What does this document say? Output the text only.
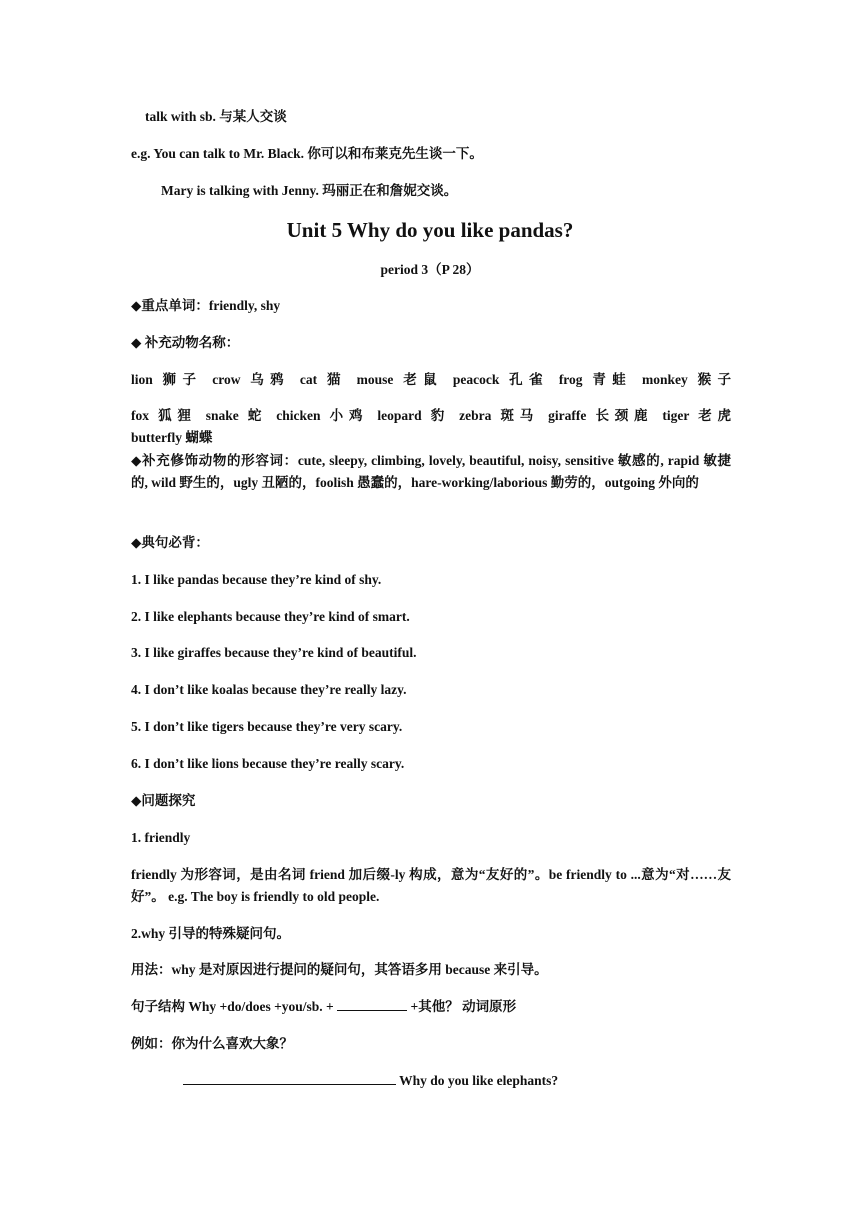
talk with sb. 与某人交谈
e.g. You can talk to Mr. Black. 你可以和布莱克先生谈一下。
Mary is talking with Jenny. 玛丽正在和詹妮交谈。
Unit 5 Why do you like pandas?
period 3（P 28）
◆重点单词：friendly, shy
◆ 补充动物名称：
lion 狮子 crow 乌鸦 cat 猫 mouse 老鼠 peacock 孔雀 frog 青蛙 monkey 猴子
fox 狐狸 snake 蛇 chicken 小鸡 leopard 豹 zebra 斑马 giraffe 长颈鹿 tiger 老虎
butterfly 蝴蝶
◆补充修饰动物的形容词：cute, sleepy, climbing, lovely, beautiful, noisy, sensitive 敏感的, rapid 敏捷的, wild 野生的，ugly 丑陋的，foolish 愚蠢的，hare-working/laborious 勤劳的，outgoing 外向的
◆典句必背：
1. I like pandas because they’re kind of shy.
2. I like elephants because they’re kind of smart.
3. I like giraffes because they’re kind of beautiful.
4. I don’t like koalas because they’re really lazy.
5. I don’t like tigers because they’re very scary.
6. I don’t like lions because they’re really scary.
◆问题探究
1. friendly
friendly 为形容词，是由名词 friend 加后缀-ly 构成，意为“友好的”。be friendly to ...意为“对……友好”。 e.g. The boy is friendly to old people.
2.why 引导的特殊疑问句。
用法：why 是对原因进行提问的疑问句，其答语多用 because 来引导。
句子结构 Why +do/does +you/sb. +	+其他？ 动词原形
例如：你为什么喜欢大象？
Why do you like elephants?
